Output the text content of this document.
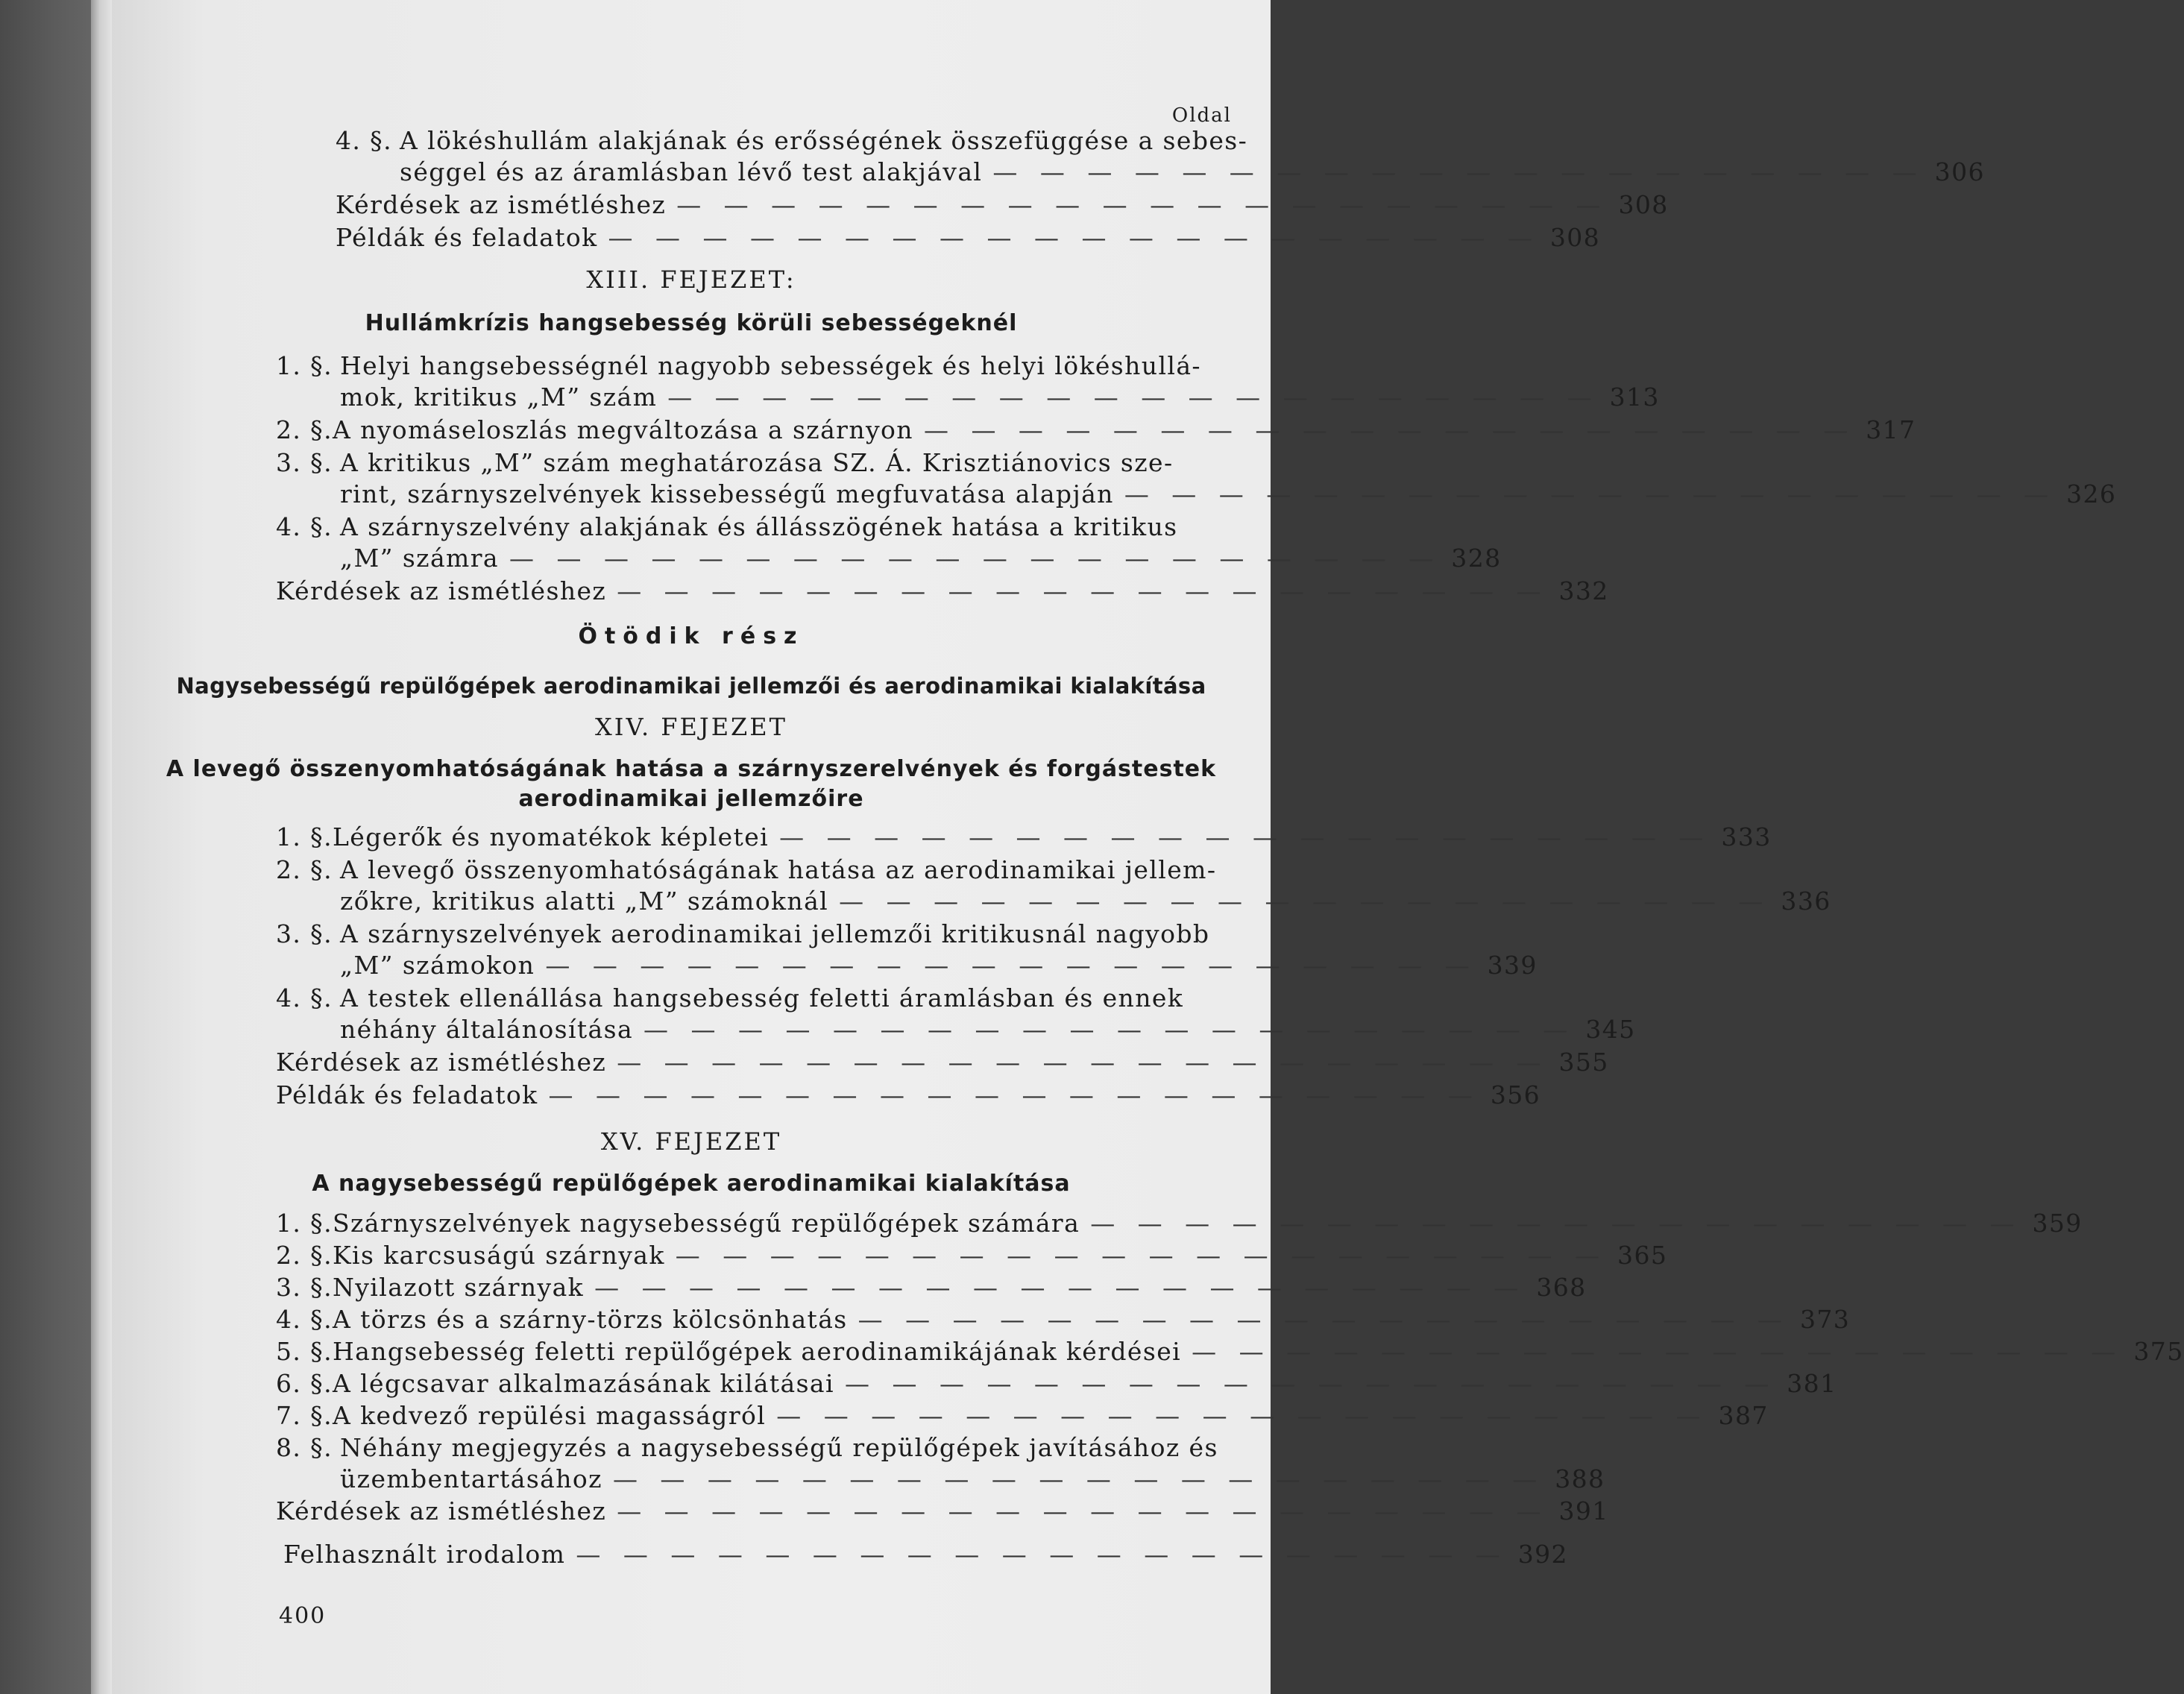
Oldal
4. §. A lökéshullám alakjának és erősségének összefüggése a sebes-
séggel és az áramlásban lévő test alakjával — — — — — — — — — — — — — — — — — — — — 306
Kérdések az ismétléshez — — — — — — — — — — — — — — — — — — — — 308
Példák és feladatok — — — — — — — — — — — — — — — — — — — — 308
XIII. FEJEZET:
Hullámkrízis hangsebesség körüli sebességeknél
1. §. Helyi hangsebességnél nagyobb sebességek és helyi lökéshullá-
mok, kritikus „M” szám — — — — — — — — — — — — — — — — — — — — 313
2. §. A nyomáseloszlás megváltozása a szárnyon — — — — — — — — — — — — — — — — — — — — 317
3. §. A kritikus „M” szám meghatározása SZ. Á. Krisztiánovics sze-
rint, szárnyszelvények kissebességű megfuvatása alapján — — — — — — — — — — — — — — — — — — — — 326
4. §. A szárnyszelvény alakjának és állásszögének hatása a kritikus
„M” számra — — — — — — — — — — — — — — — — — — — — 328
Kérdések az ismétléshez — — — — — — — — — — — — — — — — — — — — 332
Ötödik rész
Nagysebességű repülőgépek aerodinamikai jellemzői és aerodinamikai kialakítása
XIV. FEJEZET
A levegő összenyomhatóságának hatása a szárnyszerelvények és forgástestek
aerodinamikai jellemzőire
1. §. Légerők és nyomatékok képletei — — — — — — — — — — — — — — — — — — — — 333
2. §. A levegő összenyomhatóságának hatása az aerodinamikai jellem-
zőkre, kritikus alatti „M” számoknál — — — — — — — — — — — — — — — — — — — — 336
3. §. A szárnyszelvények aerodinamikai jellemzői kritikusnál nagyobb
„M” számokon — — — — — — — — — — — — — — — — — — — — 339
4. §. A testek ellenállása hangsebesség feletti áramlásban és ennek
néhány általánosítása — — — — — — — — — — — — — — — — — — — — 345
Kérdések az ismétléshez — — — — — — — — — — — — — — — — — — — — 355
Példák és feladatok — — — — — — — — — — — — — — — — — — — — 356
XV. FEJEZET
A nagysebességű repülőgépek aerodinamikai kialakítása
1. §. Szárnyszelvények nagysebességű repülőgépek számára — — — — — — — — — — — — — — — — — — — — 359
2. §. Kis karcsuságú szárnyak — — — — — — — — — — — — — — — — — — — — 365
3. §. Nyilazott szárnyak — — — — — — — — — — — — — — — — — — — — 368
4. §. A törzs és a szárny-törzs kölcsönhatás — — — — — — — — — — — — — — — — — — — — 373
5. §. Hangsebesség feletti repülőgépek aerodinamikájának kérdései — — — — — — — — — — — — — — — — — — — — 375
6. §. A légcsavar alkalmazásának kilátásai — — — — — — — — — — — — — — — — — — — — 381
7. §. A kedvező repülési magasságról — — — — — — — — — — — — — — — — — — — — 387
8. §. Néhány megjegyzés a nagysebességű repülőgépek javításához és
üzembentartásához — — — — — — — — — — — — — — — — — — — — 388
Kérdések az ismétléshez — — — — — — — — — — — — — — — — — — — — 391
Felhasznált irodalom — — — — — — — — — — — — — — — — — — — — 392
400
